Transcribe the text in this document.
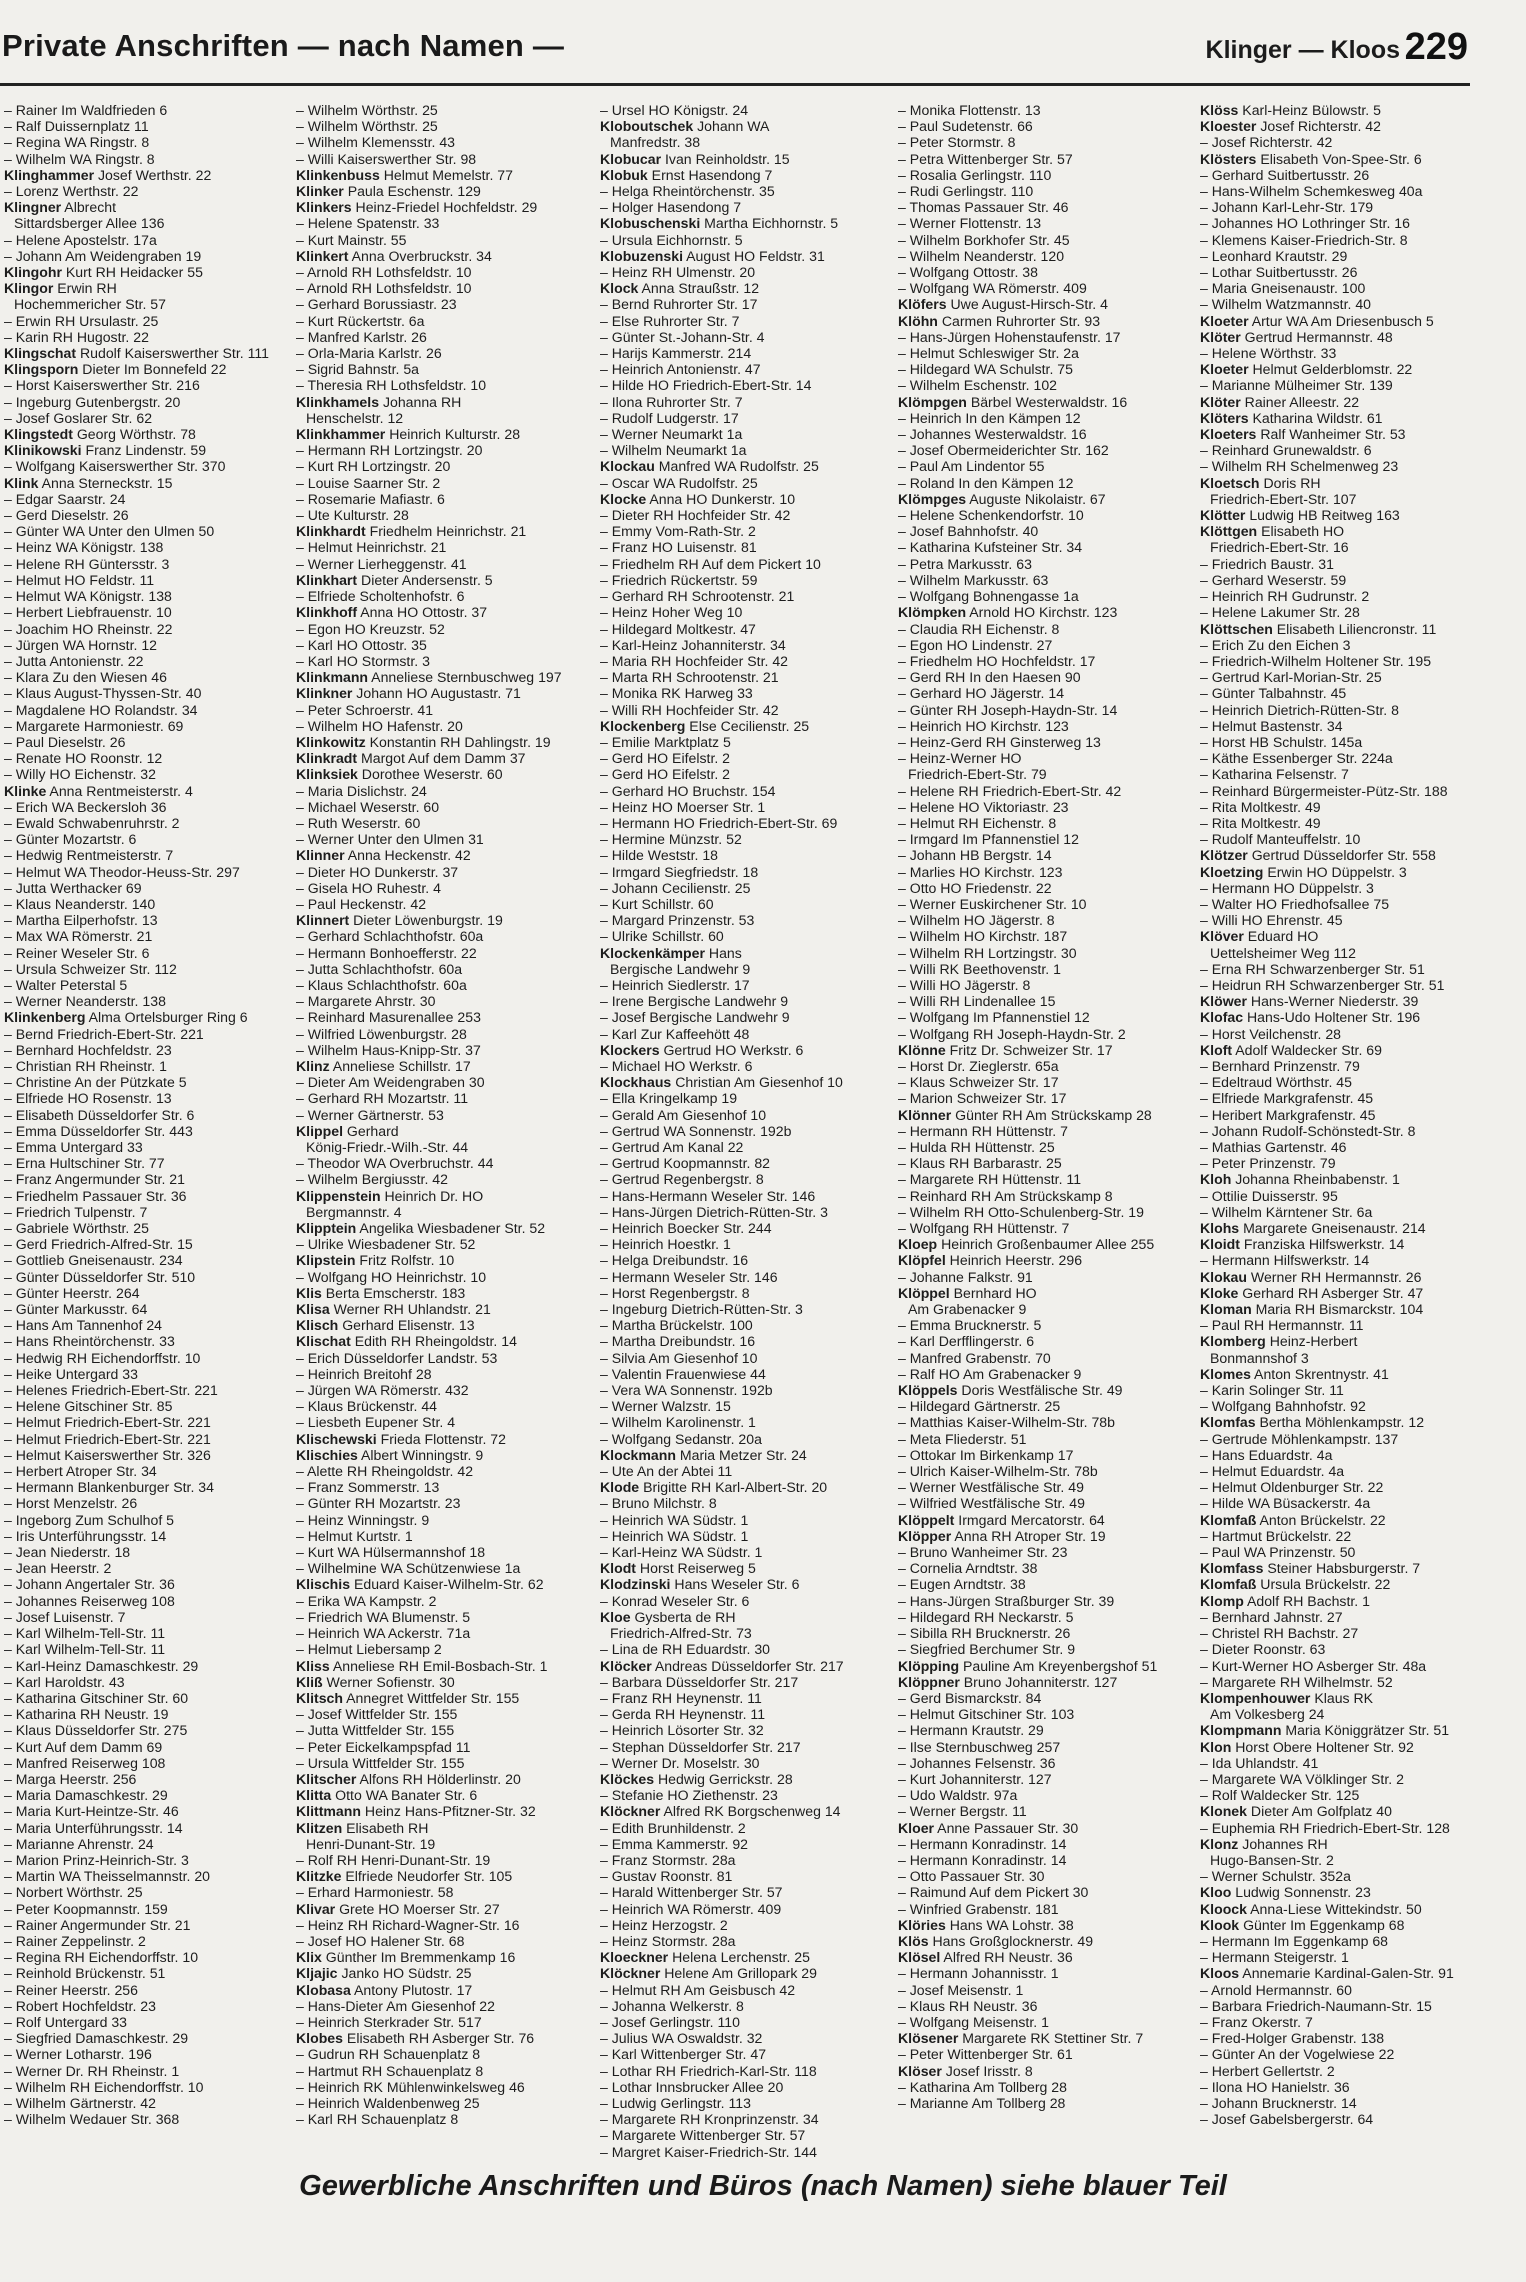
Private Anschriften — nach Namen —	Klinger — Kloos 229
– Rainer Im Waldfrieden 6
– Ralf Duissernplatz 11
– Regina WA Ringstr. 8
– Wilhelm WA Ringstr. 8
Klinghammer Josef Werthstr. 22
– Lorenz Werthstr. 22
Klingner Albrecht
Sittardsberger Allee 136
– Helene Apostelstr. 17a
– Johann Am Weidengraben 19
Klingohr Kurt RH Heidacker 55
Klingor Erwin RH
Hochemmericher Str. 57
– Erwin RH Ursulastr. 25
– Karin RH Hugostr. 22
Klingschat Rudolf Kaiserswerther Str. 111
Klingsporn Dieter Im Bonnefeld 22
– Horst Kaiserswerther Str. 216
– Ingeburg Gutenbergstr. 20
– Josef Goslarer Str. 62
Klingstedt Georg Wörthstr. 78
Klinikowski Franz Lindenstr. 59
– Wolfgang Kaiserswerther Str. 370
Klink Anna Sterneckstr. 15
– Edgar Saarstr. 24
– Gerd Dieselstr. 26
– Günter WA Unter den Ulmen 50
– Heinz WA Königstr. 138
– Helene RH Güntersstr. 3
– Helmut HO Feldstr. 11
– Helmut WA Königstr. 138
– Herbert Liebfrauenstr. 10
– Joachim HO Rheinstr. 22
– Jürgen WA Hornstr. 12
– Jutta Antonienstr. 22
– Klara Zu den Wiesen 46
– Klaus August-Thyssen-Str. 40
– Magdalene HO Rolandstr. 34
– Margarete Harmoniestr. 69
– Paul Dieselstr. 26
– Renate HO Roonstr. 12
– Willy HO Eichenstr. 32
Klinke Anna Rentmeisterstr. 4
– Erich WA Beckersloh 36
– Ewald Schwabenruhrstr. 2
– Günter Mozartstr. 6
– Hedwig Rentmeisterstr. 7
– Helmut WA Theodor-Heuss-Str. 297
– Jutta Werthacker 69
– Klaus Neanderstr. 140
– Martha Eilperhofstr. 13
– Max WA Römerstr. 21
– Reiner Weseler Str. 6
– Ursula Schweizer Str. 112
– Walter Peterstal 5
– Werner Neanderstr. 138
Klinkenberg Alma Ortelsburger Ring 6
– Bernd Friedrich-Ebert-Str. 221
– Bernhard Hochfeldstr. 23
– Christian RH Rheinstr. 1
– Christine An der Pützkate 5
– Elfriede HO Rosenstr. 13
– Elisabeth Düsseldorfer Str. 6
– Emma Düsseldorfer Str. 443
– Emma Untergard 33
– Erna Hultschiner Str. 77
– Franz Angermunder Str. 21
– Friedhelm Passauer Str. 36
– Friedrich Tulpenstr. 7
– Gabriele Wörthstr. 25
– Gerd Friedrich-Alfred-Str. 15
– Gottlieb Gneisenaustr. 234
– Günter Düsseldorfer Str. 510
– Günter Heerstr. 264
– Günter Markusstr. 64
– Hans Am Tannenhof 24
– Hans Rheintörchenstr. 33
– Hedwig RH Eichendorffstr. 10
– Heike Untergard 33
– Helenes Friedrich-Ebert-Str. 221
– Helene Gitschiner Str. 85
– Helmut Friedrich-Ebert-Str. 221
– Helmut Friedrich-Ebert-Str. 221
– Helmut Kaiserswerther Str. 326
– Herbert Atroper Str. 34
– Hermann Blankenburger Str. 34
– Horst Menzelstr. 26
– Ingeborg Zum Schulhof 5
– Iris Unterführungsstr. 14
– Jean Niederstr. 18
– Jean Heerstr. 2
– Johann Angertaler Str. 36
– Johannes Reiserweg 108
– Josef Luisenstr. 7
– Karl Wilhelm-Tell-Str. 11
– Karl Wilhelm-Tell-Str. 11
– Karl-Heinz Damaschkestr. 29
– Karl Haroldstr. 43
– Katharina Gitschiner Str. 60
– Katharina RH Neustr. 19
– Klaus Düsseldorfer Str. 275
– Kurt Auf dem Damm 69
– Manfred Reiserweg 108
– Marga Heerstr. 256
– Maria Damaschkestr. 29
– Maria Kurt-Heintze-Str. 46
– Maria Unterführungsstr. 14
– Marianne Ahrenstr. 24
– Marion Prinz-Heinrich-Str. 3
– Martin WA Theisselmannstr. 20
– Norbert Wörthstr. 25
– Peter Koopmannstr. 159
– Rainer Angermunder Str. 21
– Rainer Zeppelinstr. 2
– Regina RH Eichendorffstr. 10
– Reinhold Brückenstr. 51
– Reiner Heerstr. 256
– Robert Hochfeldstr. 23
– Rolf Untergard 33
– Siegfried Damaschkestr. 29
– Werner Lotharstr. 196
– Werner Dr. RH Rheinstr. 1
– Wilhelm RH Eichendorffstr. 10
– Wilhelm Gärtnerstr. 42
– Wilhelm Wedauer Str. 368
– Wilhelm Wörthstr. 25
– Wilhelm Wörthstr. 25
– Wilhelm Klemensstr. 43
– Willi Kaiserswerther Str. 98
Klinkenbuss Helmut Memelstr. 77
Klinker Paula Eschenstr. 129
Klinkers Heinz-Friedel Hochfeldstr. 29
– Helene Spatenstr. 33
– Kurt Mainstr. 55
Klinkert Anna Overbruckstr. 34
– Arnold RH Lothsfeldstr. 10
– Arnold RH Lothsfeldstr. 10
– Gerhard Borussiastr. 23
– Kurt Rückertstr. 6a
– Manfred Karlstr. 26
– Orla-Maria Karlstr. 26
– Sigrid Bahnstr. 5a
– Theresia RH Lothsfeldstr. 10
Klinkhamels Johanna RH
Henschelstr. 12
Klinkhammer Heinrich Kulturstr. 28
– Hermann RH Lortzingstr. 20
– Kurt RH Lortzingstr. 20
– Louise Saarner Str. 2
– Rosemarie Mafiastr. 6
– Ute Kulturstr. 28
Klinkhardt Friedhelm Heinrichstr. 21
– Helmut Heinrichstr. 21
– Werner Lierheggenstr. 41
Klinkhart Dieter Andersenstr. 5
– Elfriede Scholtenhofstr. 6
Klinkhoff Anna HO Ottostr. 37
– Egon HO Kreuzstr. 52
– Karl HO Ottostr. 35
– Karl HO Stormstr. 3
Klinkmann Anneliese Sternbuschweg 197
Klinkner Johann HO Augustastr. 71
– Peter Schroerstr. 41
– Wilhelm HO Hafenstr. 20
Klinkowitz Konstantin RH Dahlingstr. 19
Klinkradt Margot Auf dem Damm 37
Klinksiek Dorothee Weserstr. 60
– Maria Dislichstr. 24
– Michael Weserstr. 60
– Ruth Weserstr. 60
– Werner Unter den Ulmen 31
Klinner Anna Heckenstr. 42
– Dieter HO Dunkerstr. 37
– Gisela HO Ruhestr. 4
– Paul Heckenstr. 42
Klinnert Dieter Löwenburgstr. 19
– Gerhard Schlachthofstr. 60a
– Hermann Bonhoefferstr. 22
– Jutta Schlachthofstr. 60a
– Klaus Schlachthofstr. 60a
– Margarete Ahrstr. 30
– Reinhard Masurenallee 253
– Wilfried Löwenburgstr. 28
– Wilhelm Haus-Knipp-Str. 37
Klinz Anneliese Schillstr. 17
– Dieter Am Weidengraben 30
– Gerhard RH Mozartstr. 11
– Werner Gärtnerstr. 53
Klippel Gerhard
König-Friedr.-Wilh.-Str. 44
– Theodor WA Overbruchstr. 44
– Wilhelm Bergiusstr. 42
Klippenstein Heinrich Dr. HO
Bergmannstr. 4
Klipptein Angelika Wiesbadener Str. 52
– Ulrike Wiesbadener Str. 52
Klipstein Fritz Rolfstr. 10
– Wolfgang HO Heinrichstr. 10
Klis Berta Emscherstr. 183
Klisa Werner RH Uhlandstr. 21
Klisch Gerhard Elisenstr. 13
Klischat Edith RH Rheingoldstr. 14
– Erich Düsseldorfer Landstr. 53
– Heinrich Breitohf 28
– Jürgen WA Römerstr. 432
– Klaus Brückenstr. 44
– Liesbeth Eupener Str. 4
Klischewski Frieda Flottenstr. 72
Klischies Albert Winningstr. 9
– Alette RH Rheingoldstr. 42
– Franz Sommerstr. 13
– Günter RH Mozartstr. 23
– Heinz Winningstr. 9
– Helmut Kurtstr. 1
– Kurt WA Hülsermannshof 18
– Wilhelmine WA Schützenwiese 1a
Klischis Eduard Kaiser-Wilhelm-Str. 62
– Erika WA Kampstr. 2
– Friedrich WA Blumenstr. 5
– Heinrich WA Ackerstr. 71a
– Helmut Liebersamp 2
Kliss Anneliese RH Emil-Bosbach-Str. 1
Kliß Werner Sofienstr. 30
Klitsch Annegret Wittfelder Str. 155
– Josef Wittfelder Str. 155
– Jutta Wittfelder Str. 155
– Peter Eickelkampspfad 11
– Ursula Wittfelder Str. 155
Klitscher Alfons RH Hölderlinstr. 20
Klitta Otto WA Banater Str. 6
Klittmann Heinz Hans-Pfitzner-Str. 32
Klitzen Elisabeth RH
Henri-Dunant-Str. 19
– Rolf RH Henri-Dunant-Str. 19
Klitzke Elfriede Neudorfer Str. 105
– Erhard Harmoniestr. 58
Klivar Grete HO Moerser Str. 27
– Heinz RH Richard-Wagner-Str. 16
– Josef HO Halener Str. 68
Klix Günther Im Bremmenkamp 16
Kljajic Janko HO Südstr. 25
Klobasa Antony Plutostr. 17
– Hans-Dieter Am Giesenhof 22
– Heinrich Sterkrader Str. 517
Klobes Elisabeth RH Asberger Str. 76
– Gudrun RH Schauenplatz 8
– Hartmut RH Schauenplatz 8
– Heinrich RK Mühlenwinkelsweg 46
– Heinrich Waldenbenweg 25
– Karl RH Schauenplatz 8
– Ursel HO Königstr. 24
Kloboutschek Johann WA
Manfredstr. 38
Klobucar Ivan Reinholdstr. 15
Klobuk Ernst Hasendong 7
– Helga Rheintörchenstr. 35
– Holger Hasendong 7
Klobuschenski Martha Eichhornstr. 5
– Ursula Eichhornstr. 5
Klobuzenski August HO Feldstr. 31
– Heinz RH Ulmenstr. 20
Klock Anna Straußstr. 12
– Bernd Ruhrorter Str. 17
– Else Ruhrorter Str. 7
– Günter St.-Johann-Str. 4
– Harijs Kammerstr. 214
– Heinrich Antonienstr. 47
– Hilde HO Friedrich-Ebert-Str. 14
– Ilona Ruhrorter Str. 7
– Rudolf Ludgerstr. 17
– Werner Neumarkt 1a
– Wilhelm Neumarkt 1a
Klockau Manfred WA Rudolfstr. 25
– Oscar WA Rudolfstr. 25
Klocke Anna HO Dunkerstr. 10
– Dieter RH Hochfeider Str. 42
– Emmy Vom-Rath-Str. 2
– Franz HO Luisenstr. 81
– Friedhelm RH Auf dem Pickert 10
– Friedrich Rückertstr. 59
– Gerhard RH Schrootenstr. 21
– Heinz Hoher Weg 10
– Hildegard Moltkestr. 47
– Karl-Heinz Johanniterstr. 34
– Maria RH Hochfeider Str. 42
– Marta RH Schrootenstr. 21
– Monika RK Harweg 33
– Willi RH Hochfeider Str. 42
Klockenberg Else Cecilienstr. 25
– Emilie Marktplatz 5
– Gerd HO Eifelstr. 2
– Gerd HO Eifelstr. 2
– Gerhard HO Bruchstr. 154
– Heinz HO Moerser Str. 1
– Hermann HO Friedrich-Ebert-Str. 69
– Hermine Münzstr. 52
– Hilde Weststr. 18
– Irmgard Siegfriedstr. 18
– Johann Cecilienstr. 25
– Kurt Schillstr. 60
– Margard Prinzenstr. 53
– Ulrike Schillstr. 60
Klockenkämper Hans
Bergische Landwehr 9
– Heinrich Siedlerstr. 17
– Irene Bergische Landwehr 9
– Josef Bergische Landwehr 9
– Karl Zur Kaffeehött 48
Klockers Gertrud HO Werkstr. 6
– Michael HO Werkstr. 6
Klockhaus Christian Am Giesenhof 10
– Ella Kringelkamp 19
– Gerald Am Giesenhof 10
– Gertrud WA Sonnenstr. 192b
– Gertrud Am Kanal 22
– Gertrud Koopmannstr. 82
– Gertrud Regenbergstr. 8
– Hans-Hermann Weseler Str. 146
– Hans-Jürgen Dietrich-Rütten-Str. 3
– Heinrich Boecker Str. 244
– Heinrich Hoestkr. 1
– Helga Dreibundstr. 16
– Hermann Weseler Str. 146
– Horst Regenbergstr. 8
– Ingeburg Dietrich-Rütten-Str. 3
– Martha Brückelstr. 100
– Martha Dreibundstr. 16
– Silvia Am Giesenhof 10
– Valentin Frauenwiese 44
– Vera WA Sonnenstr. 192b
– Werner Walzstr. 15
– Wilhelm Karolinenstr. 1
– Wolfgang Sedanstr. 20a
Klockmann Maria Metzer Str. 24
– Ute An der Abtei 11
Klode Brigitte RH Karl-Albert-Str. 20
– Bruno Milchstr. 8
– Heinrich WA Südstr. 1
– Heinrich WA Südstr. 1
– Karl-Heinz WA Südstr. 1
Klodt Horst Reiserweg 5
Klodzinski Hans Weseler Str. 6
– Konrad Weseler Str. 6
Kloe Gysberta de RH
Friedrich-Alfred-Str. 73
– Lina de RH Eduardstr. 30
Klöcker Andreas Düsseldorfer Str. 217
– Barbara Düsseldorfer Str. 217
– Franz RH Heynenstr. 11
– Gerda RH Heynenstr. 11
– Heinrich Lösorter Str. 32
– Stephan Düsseldorfer Str. 217
– Werner Dr. Moselstr. 30
Klöckes Hedwig Gerrickstr. 28
– Stefanie HO Ziethenstr. 23
Klöckner Alfred RK Borgschenweg 14
– Edith Brunhildenstr. 2
– Emma Kammerstr. 92
– Franz Stormstr. 28a
– Gustav Roonstr. 81
– Harald Wittenberger Str. 57
– Heinrich WA Römerstr. 409
– Heinz Herzogstr. 2
– Heinz Stormstr. 28a
Kloeckner Helena Lerchenstr. 25
Klöckner Helene Am Grillopark 29
– Helmut RH Am Geisbusch 42
– Johanna Welkerstr. 8
– Josef Gerlingstr. 110
– Julius WA Oswaldstr. 32
– Karl Wittenberger Str. 47
– Lothar RH Friedrich-Karl-Str. 118
– Lothar Innsbrucker Allee 20
– Ludwig Gerlingstr. 113
– Margarete RH Kronprinzenstr. 34
– Margarete Wittenberger Str. 57
– Margret Kaiser-Friedrich-Str. 144
– Monika Flottenstr. 13
– Paul Sudetenstr. 66
– Peter Stormstr. 8
– Petra Wittenberger Str. 57
– Rosalia Gerlingstr. 110
– Rudi Gerlingstr. 110
– Thomas Passauer Str. 46
– Werner Flottenstr. 13
– Wilhelm Borkhofer Str. 45
– Wilhelm Neanderstr. 120
– Wolfgang Ottostr. 38
– Wolfgang WA Römerstr. 409
Klöfers Uwe August-Hirsch-Str. 4
Klöhn Carmen Ruhrorter Str. 93
– Hans-Jürgen Hohenstaufenstr. 17
– Helmut Schleswiger Str. 2a
– Hildegard WA Schulstr. 75
– Wilhelm Eschenstr. 102
Klömpgen Bärbel Westerwaldstr. 16
– Heinrich In den Kämpen 12
– Johannes Westerwaldstr. 16
– Josef Obermeiderichter Str. 162
– Paul Am Lindentor 55
– Roland In den Kämpen 12
Klömpges Auguste Nikolaistr. 67
– Helene Schenkendorfstr. 10
– Josef Bahnhofstr. 40
– Katharina Kufsteiner Str. 34
– Petra Markusstr. 63
– Wilhelm Markusstr. 63
– Wolfgang Bohnengasse 1a
Klömpken Arnold HO Kirchstr. 123
– Claudia RH Eichenstr. 8
– Egon HO Lindenstr. 27
– Friedhelm HO Hochfeldstr. 17
– Gerd RH In den Haesen 90
– Gerhard HO Jägerstr. 14
– Günter RH Joseph-Haydn-Str. 14
– Heinrich HO Kirchstr. 123
– Heinz-Gerd RH Ginsterweg 13
– Heinz-Werner HO
Friedrich-Ebert-Str. 79
– Helene RH Friedrich-Ebert-Str. 42
– Helene HO Viktoriastr. 23
– Helmut RH Eichenstr. 8
– Irmgard Im Pfannenstiel 12
– Johann HB Bergstr. 14
– Marlies HO Kirchstr. 123
– Otto HO Friedenstr. 22
– Werner Euskirchener Str. 10
– Wilhelm HO Jägerstr. 8
– Wilhelm HO Kirchstr. 187
– Wilhelm RH Lortzingstr. 30
– Willi RK Beethovenstr. 1
– Willi HO Jägerstr. 8
– Willi RH Lindenallee 15
– Wolfgang Im Pfannenstiel 12
– Wolfgang RH Joseph-Haydn-Str. 2
Klönne Fritz Dr. Schweizer Str. 17
– Horst Dr. Zieglerstr. 65a
– Klaus Schweizer Str. 17
– Marion Schweizer Str. 17
Klönner Günter RH Am Strückskamp 28
– Hermann RH Hüttenstr. 7
– Hulda RH Hüttenstr. 25
– Klaus RH Barbarastr. 25
– Margarete RH Hüttenstr. 11
– Reinhard RH Am Strückskamp 8
– Wilhelm RH Otto-Schulenberg-Str. 19
– Wolfgang RH Hüttenstr. 7
Kloep Heinrich Großenbaumer Allee 255
Klöpfel Heinrich Heerstr. 296
– Johanne Falkstr. 91
Klöppel Bernhard HO
Am Grabenacker 9
– Emma Brucknerstr. 5
– Karl Derfflingerstr. 6
– Manfred Grabenstr. 70
– Ralf HO Am Grabenacker 9
Klöppels Doris Westfälische Str. 49
– Hildegard Gärtnerstr. 25
– Matthias Kaiser-Wilhelm-Str. 78b
– Meta Fliederstr. 51
– Ottokar Im Birkenkamp 17
– Ulrich Kaiser-Wilhelm-Str. 78b
– Werner Westfälische Str. 49
– Wilfried Westfälische Str. 49
Klöppelt Irmgard Mercatorstr. 64
Klöpper Anna RH Atroper Str. 19
– Bruno Wanheimer Str. 23
– Cornelia Arndtstr. 38
– Eugen Arndtstr. 38
– Hans-Jürgen Straßburger Str. 39
– Hildegard RH Neckarstr. 5
– Sibilla RH Brucknerstr. 26
– Siegfried Berchumer Str. 9
Klöpping Pauline Am Kreyenbergshof 51
Klöppner Bruno Johanniterstr. 127
– Gerd Bismarckstr. 84
– Helmut Gitschiner Str. 103
– Hermann Krautstr. 29
– Ilse Sternbuschweg 257
– Johannes Felsenstr. 36
– Kurt Johanniterstr. 127
– Udo Waldstr. 97a
– Werner Bergstr. 11
Kloer Anne Passauer Str. 30
– Hermann Konradinstr. 14
– Hermann Konradinstr. 14
– Otto Passauer Str. 30
– Raimund Auf dem Pickert 30
– Winfried Grabenstr. 181
Klöries Hans WA Lohstr. 38
Klös Hans Großglocknerstr. 49
Klösel Alfred RH Neustr. 36
– Hermann Johannisstr. 1
– Josef Meisenstr. 1
– Klaus RH Neustr. 36
– Wolfgang Meisenstr. 1
Klösener Margarete RK Stettiner Str. 7
– Peter Wittenberger Str. 61
Klöser Josef Irisstr. 8
– Katharina Am Tollberg 28
– Marianne Am Tollberg 28
Klöss Karl-Heinz Bülowstr. 5
Kloester Josef Richterstr. 42
– Josef Richterstr. 42
Klösters Elisabeth Von-Spee-Str. 6
– Gerhard Suitbertusstr. 26
– Hans-Wilhelm Schemkesweg 40a
– Johann Karl-Lehr-Str. 179
– Johannes HO Lothringer Str. 16
– Klemens Kaiser-Friedrich-Str. 8
– Leonhard Krautstr. 29
– Lothar Suitbertusstr. 26
– Maria Gneisenaustr. 100
– Wilhelm Watzmannstr. 40
Kloeter Artur WA Am Driesenbusch 5
Klöter Gertrud Hermannstr. 48
– Helene Wörthstr. 33
Kloeter Helmut Gelderblomstr. 22
– Marianne Mülheimer Str. 139
Klöter Rainer Alleestr. 22
Klöters Katharina Wildstr. 61
Kloeters Ralf Wanheimer Str. 53
– Reinhard Grunewaldstr. 6
– Wilhelm RH Schelmenweg 23
Kloetsch Doris RH
Friedrich-Ebert-Str. 107
Klötter Ludwig HB Reitweg 163
Klöttgen Elisabeth HO
Friedrich-Ebert-Str. 16
– Friedrich Baustr. 31
– Gerhard Weserstr. 59
– Heinrich RH Gudrunstr. 2
– Helene Lakumer Str. 28
Klöttschen Elisabeth Liliencronstr. 11
– Erich Zu den Eichen 3
– Friedrich-Wilhelm Holtener Str. 195
– Gertrud Karl-Morian-Str. 25
– Günter Talbahnstr. 45
– Heinrich Dietrich-Rütten-Str. 8
– Helmut Bastenstr. 34
– Horst HB Schulstr. 145a
– Käthe Essenberger Str. 224a
– Katharina Felsenstr. 7
– Reinhard Bürgermeister-Pütz-Str. 188
– Rita Moltkestr. 49
– Rita Moltkestr. 49
– Rudolf Manteuffelstr. 10
Klötzer Gertrud Düsseldorfer Str. 558
Kloetzing Erwin HO Düppelstr. 3
– Hermann HO Düppelstr. 3
– Walter HO Friedhofsallee 75
– Willi HO Ehrenstr. 45
Klöver Eduard HO
Uettelsheimer Weg 112
– Erna RH Schwarzenberger Str. 51
– Heidrun RH Schwarzenberger Str. 51
Klöwer Hans-Werner Niederstr. 39
Klofac Hans-Udo Holtener Str. 196
– Horst Veilchenstr. 28
Kloft Adolf Waldecker Str. 69
– Bernhard Prinzenstr. 79
– Edeltraud Wörthstr. 45
– Elfriede Markgrafenstr. 45
– Heribert Markgrafenstr. 45
– Johann Rudolf-Schönstedt-Str. 8
– Mathias Gartenstr. 46
– Peter Prinzenstr. 79
Kloh Johanna Rheinbabenstr. 1
– Ottilie Duisserstr. 95
– Wilhelm Kärntener Str. 6a
Klohs Margarete Gneisenaustr. 214
Kloidt Franziska Hilfswerkstr. 14
– Hermann Hilfswerkstr. 14
Klokau Werner RH Hermannstr. 26
Kloke Gerhard RH Asberger Str. 47
Kloman Maria RH Bismarckstr. 104
– Paul RH Hermannstr. 11
Klomberg Heinz-Herbert
Bonmannshof 3
Klomes Anton Skrentnystr. 41
– Karin Solinger Str. 11
– Wolfgang Bahnhofstr. 92
Klomfas Bertha Möhlenkampstr. 12
– Gertrude Möhlenkampstr. 137
– Hans Eduardstr. 4a
– Helmut Eduardstr. 4a
– Helmut Oldenburger Str. 22
– Hilde WA Büsackerstr. 4a
Klomfaß Anton Brückelstr. 22
– Hartmut Brückelstr. 22
– Paul WA Prinzenstr. 50
Klomfass Steiner Habsburgerstr. 7
Klomfaß Ursula Brückelstr. 22
Klomp Adolf RH Bachstr. 1
– Bernhard Jahnstr. 27
– Christel RH Bachstr. 27
– Dieter Roonstr. 63
– Kurt-Werner HO Asberger Str. 48a
– Margarete RH Wilhelmstr. 52
Klompenhouwer Klaus RK
Am Volkesberg 24
Klompmann Maria Königgrätzer Str. 51
Klon Horst Obere Holtener Str. 92
– Ida Uhlandstr. 41
– Margarete WA Völklinger Str. 2
– Rolf Waldecker Str. 125
Klonek Dieter Am Golfplatz 40
– Euphemia RH Friedrich-Ebert-Str. 128
Klonz Johannes RH
Hugo-Bansen-Str. 2
– Werner Schulstr. 352a
Kloo Ludwig Sonnenstr. 23
Kloock Anna-Liese Wittekindstr. 50
Klook Günter Im Eggenkamp 68
– Hermann Im Eggenkamp 68
– Hermann Steigerstr. 1
Kloos Annemarie Kardinal-Galen-Str. 91
– Arnold Hermannstr. 60
– Barbara Friedrich-Naumann-Str. 15
– Franz Okerstr. 7
– Fred-Holger Grabenstr. 138
– Günter An der Vogelwiese 22
– Herbert Gellertstr. 2
– Ilona HO Hanielstr. 36
– Johann Brucknerstr. 14
– Josef Gabelsbergerstr. 64
Gewerbliche Anschriften und Büros (nach Namen) siehe blauer Teil
